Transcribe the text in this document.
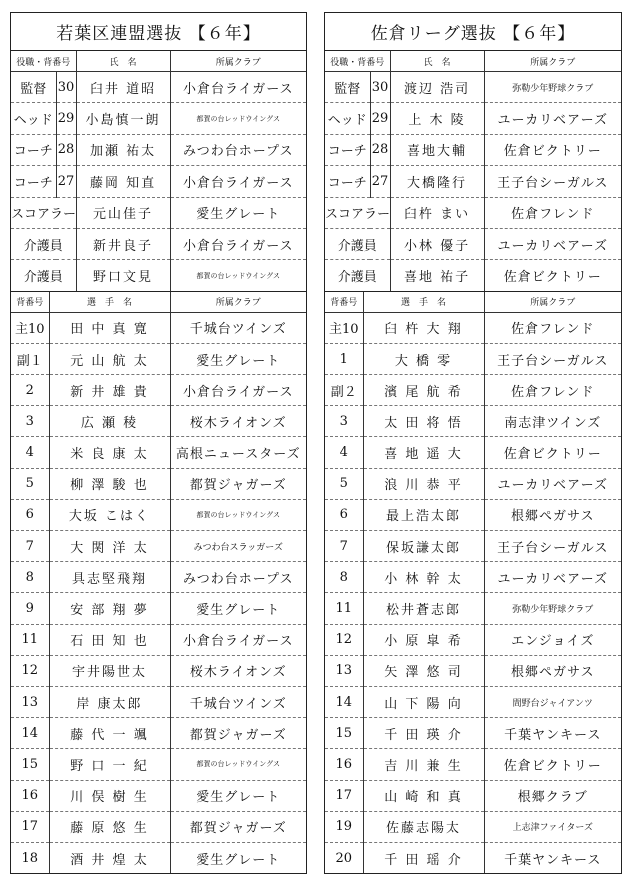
若葉区連盟選抜 【６年】
役職・背番号		氏　名	所属クラブ
監督	30	臼井 道昭	小倉台ライガース
ヘッド	29	小島慎一朗	都賀の台レッドウイングス
コーチ	28	加瀬 祐太	みつわ台ホープス
コーチ	27	藤岡 知直	小倉台ライガース
スコアラー		元山佳子	愛生グレート
介護員		新井良子	小倉台ライガース
介護員		野口文見	都賀の台レッドウイングス
背番号	選　手　名	所属クラブ
主10	田 中 真 寛	千城台ツインズ
副１	元 山 航 太	愛生グレート
2	新 井 雄 貴	小倉台ライガース
3	広 瀬 稜	桜木ライオンズ
4	米 良 康 太	高根ニュースターズ
5	柳 澤 駿 也	都賀ジャガーズ
6	大坂 こはく	都賀の台レッドウイングス
7	大 関 洋 太	みつわ台スラッガーズ
8	具志堅飛翔	みつわ台ホープス
9	安 部 翔 夢	愛生グレート
11	石 田 知 也	小倉台ライガース
12	宇井陽世太	桜木ライオンズ
13	岸 康太郎	千城台ツインズ
14	藤 代 一 颯	都賀ジャガーズ
15	野 口 一 紀	都賀の台レッドウイングス
16	川 俣 樹 生	愛生グレート
17	藤 原 悠 生	都賀ジャガーズ
18	酒 井 煌 太	愛生グレート
佐倉リーグ選抜 【６年】
役職・背番号		氏　名	所属クラブ
監督	30	渡辺 浩司	弥勒少年野球クラブ
ヘッド	29	上 木 陵	ユーカリベアーズ
コーチ	28	喜地大輔	佐倉ビクトリー
コーチ	27	大橋隆行	王子台シーガルス
スコアラー		臼杵 まい	佐倉フレンド
介護員		小林 優子	ユーカリベアーズ
介護員		喜地 祐子	佐倉ビクトリー
背番号	選　手　名	所属クラブ
主10	臼 杵 大 翔	佐倉フレンド
1	大 橋 零	王子台シーガルス
副２	濱 尾 航 希	佐倉フレンド
3	太 田 将 悟	南志津ツインズ
4	喜 地 遥 大	佐倉ビクトリー
5	浪 川 恭 平	ユーカリベアーズ
6	最上浩太郎	根郷ペガサス
7	保坂謙太郎	王子台シーガルス
8	小 林 幹 太	ユーカリベアーズ
11	松井蒼志郎	弥勒少年野球クラブ
12	小 原 皐 希	エンジョイズ
13	矢 澤 悠 司	根郷ペガサス
14	山 下 陽 向	間野台ジャイアンツ
15	千 田 瑛 介	千葉ヤンキース
16	吉 川 兼 生	佐倉ビクトリー
17	山 崎 和 真	根郷クラブ
19	佐藤志陽太	上志津ファイターズ
20	千 田 瑶 介	千葉ヤンキース
